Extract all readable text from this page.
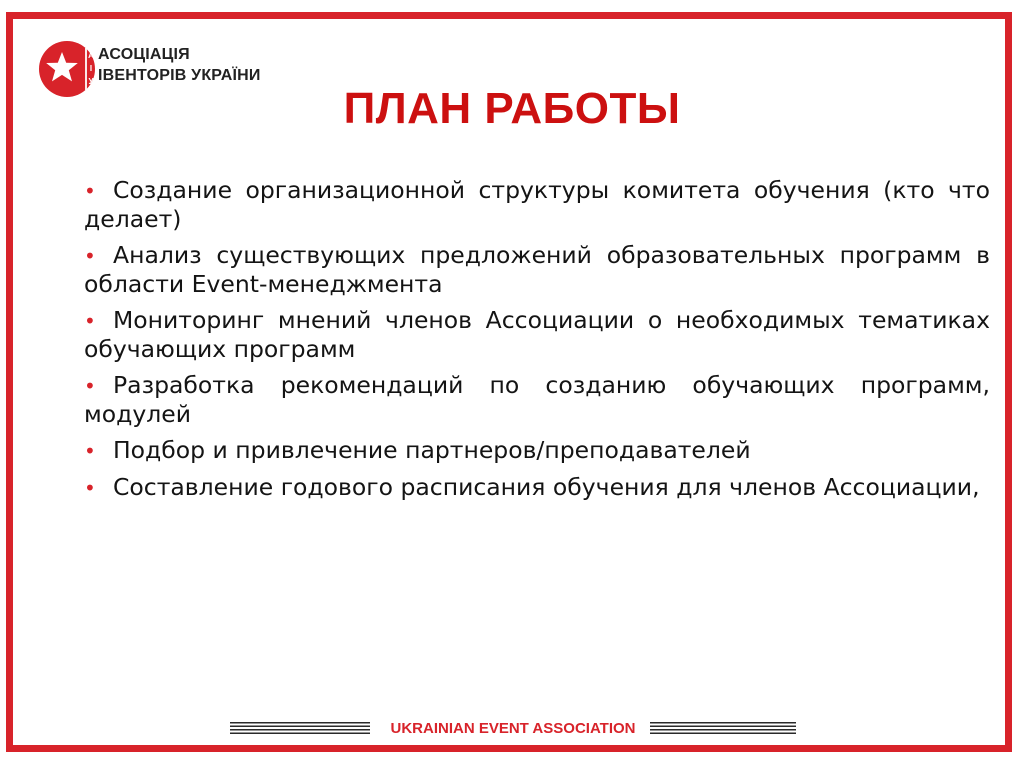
А
І
У
АСОЦІАЦІЯ
ІВЕНТОРІВ УКРАЇНИ
ПЛАН РАБОТЫ
• Создание организационной структуры комитета обучения (кто что делает)
• Анализ существующих предложений образовательных программ в области Event-менеджмента
• Мониторинг мнений членов Ассоциации о необходимых тематиках обучающих программ
• Разработка рекомендаций по созданию обучающих программ, модулей
• Подбор и привлечение партнеров/преподавателей
• Составление годового расписания обучения для членов Ассоциации,
UKRAINIAN EVENT ASSOCIATION
